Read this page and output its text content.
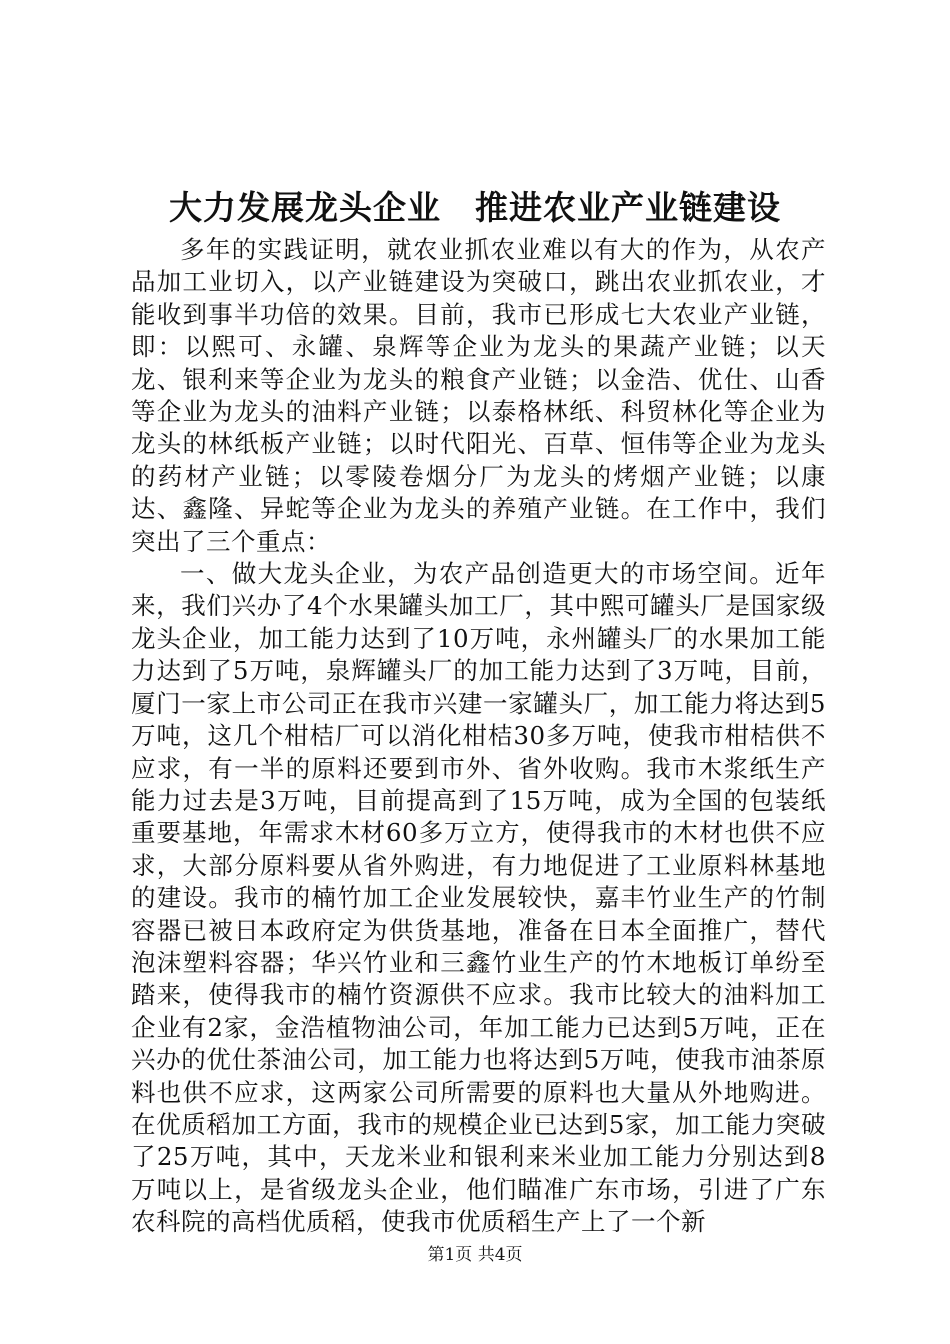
大力发展龙头企业　推进农业产业链建设

多年的实践证明，就农业抓农业难以有大的作为，从农产品加工业切入，以产业链建设为突破口，跳出农业抓农业，才能收到事半功倍的效果。目前，我市已形成七大农业产业链，即：以熙可、永罐、泉辉等企业为龙头的果蔬产业链；以天龙、银利来等企业为龙头的粮食产业链；以金浩、优仕、山香等企业为龙头的油料产业链；以泰格林纸、科贸林化等企业为龙头的林纸板产业链；以时代阳光、百草、恒伟等企业为龙头的药材产业链；以零陵卷烟分厂为龙头的烤烟产业链；以康达、鑫隆、异蛇等企业为龙头的养殖产业链。在工作中，我们突出了三个重点：

一、做大龙头企业，为农产品创造更大的市场空间。近年来，我们兴办了4个水果罐头加工厂，其中熙可罐头厂是国家级龙头企业，加工能力达到了10万吨，永州罐头厂的水果加工能力达到了5万吨，泉辉罐头厂的加工能力达到了3万吨，目前，厦门一家上市公司正在我市兴建一家罐头厂，加工能力将达到5万吨，这几个柑桔厂可以消化柑桔30多万吨，使我市柑桔供不应求，有一半的原料还要到市外、省外收购。我市木浆纸生产能力过去是3万吨，目前提高到了15万吨，成为全国的包装纸重要基地，年需求木材60多万立方，使得我市的木材也供不应求，大部分原料要从省外购进，有力地促进了工业原料林基地的建设。我市的楠竹加工企业发展较快，嘉丰竹业生产的竹制容器已被日本政府定为供货基地，准备在日本全面推广，替代泡沫塑料容器；华兴竹业和三鑫竹业生产的竹木地板订单纷至踏来，使得我市的楠竹资源供不应求。我市比较大的油料加工企业有2家，金浩植物油公司，年加工能力已达到5万吨，正在兴办的优仕茶油公司，加工能力也将达到5万吨，使我市油茶原料也供不应求，这两家公司所需要的原料也大量从外地购进。在优质稻加工方面，我市的规模企业已达到5家，加工能力突破了25万吨，其中，天龙米业和银利来米业加工能力分别达到8万吨以上，是省级龙头企业，他们瞄准广东市场，引进了广东农科院的高档优质稻，使我市优质稻生产上了一个新

第1页 共4页
